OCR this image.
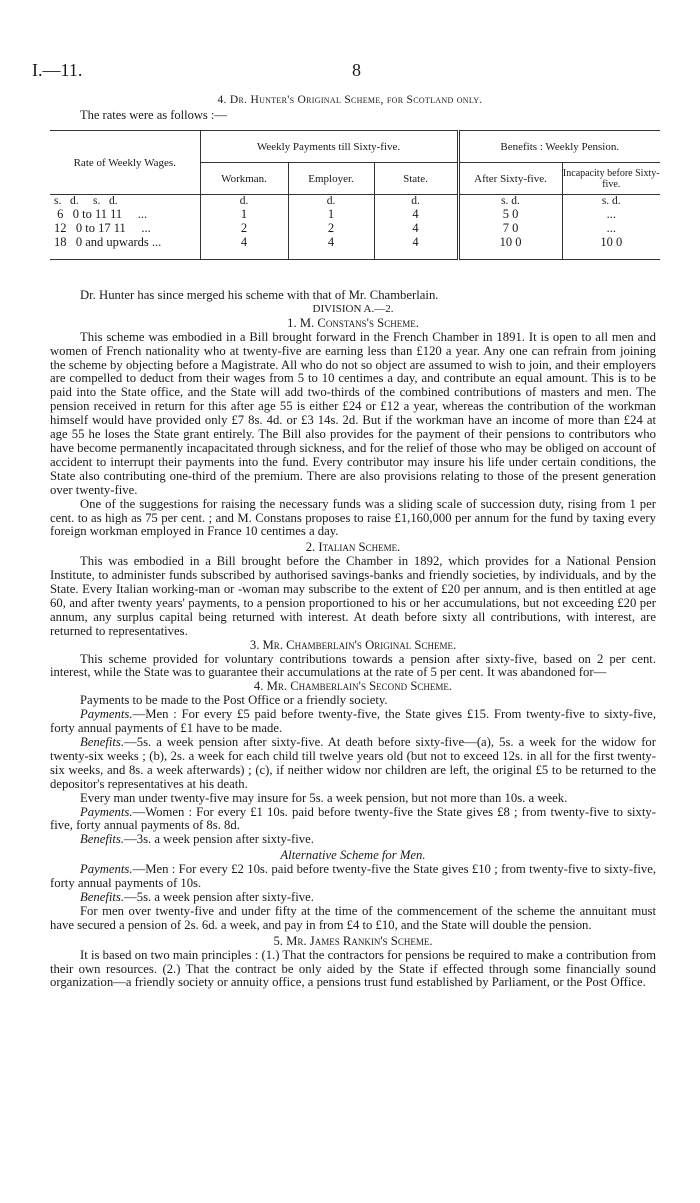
I.—11.	8
4. Dr. Hunter's Original Scheme, for Scotland only.
The rates were as follows :—
Rate of Weekly Wages.	Weekly Payments till Sixty-five.			Benefits : Weekly Pension.	
	Workman.	Employer.	State.	After Sixty-five.	Incapacity before Sixty-five.
s.   d.     s.   d.	d.	d.	d.	s. d.	s. d.
6   0 to 11 11     ...	1	1	4	5 0	...
12   0 to 17 11     ...	2	2	4	7 0	...
18   0 and upwards ...	4	4	4	10 0	10 0

Dr. Hunter has since merged his scheme with that of Mr. Chamberlain.

DIVISION A.—2.

1. M. Constans's Scheme.

This scheme was embodied in a Bill brought forward in the French Chamber in 1891. It is open to all men and women of French nationality who at twenty-five are earning less than £120 a year. Any one can refrain from joining the scheme by objecting before a Magistrate. All who do not so object are assumed to wish to join, and their employers are compelled to deduct from their wages from 5 to 10 centimes a day, and contribute an equal amount. This is to be paid into the State office, and the State will add two-thirds of the combined contributions of masters and men. The pension received in return for this after age 55 is either £24 or £12 a year, whereas the contribution of the workman himself would have provided only £7 8s. 4d. or £3 14s. 2d. But if the workman have an income of more than £24 at age 55 he loses the State grant entirely. The Bill also provides for the payment of their pensions to contributors who have become permanently incapacitated through sickness, and for the relief of those who may be obliged on account of accident to interrupt their payments into the fund. Every contributor may insure his life under certain conditions, the State also contributing one-third of the premium. There are also provisions relating to those of the present generation over twenty-five.

One of the suggestions for raising the necessary funds was a sliding scale of succession duty, rising from 1 per cent. to as high as 75 per cent. ; and M. Constans proposes to raise £1,160,000 per annum for the fund by taxing every foreign workman employed in France 10 centimes a day.

2. Italian Scheme.

This was embodied in a Bill brought before the Chamber in 1892, which provides for a National Pension Institute, to administer funds subscribed by authorised savings-banks and friendly societies, by individuals, and by the State. Every Italian working-man or -woman may subscribe to the extent of £20 per annum, and is then entitled at age 60, and after twenty years' payments, to a pension proportioned to his or her accumulations, but not exceeding £20 per annum, any surplus capital being returned with interest. At death before sixty all contributions, with interest, are returned to representatives.

3. Mr. Chamberlain's Original Scheme.

This scheme provided for voluntary contributions towards a pension after sixty-five, based on 2 per cent. interest, while the State was to guarantee their accumulations at the rate of 5 per cent. It was abandoned for—

4. Mr. Chamberlain's Second Scheme.

Payments to be made to the Post Office or a friendly society.

Payments.—Men : For every £5 paid before twenty-five, the State gives £15. From twenty-five to sixty-five, forty annual payments of £1 have to be made.

Benefits.—5s. a week pension after sixty-five. At death before sixty-five—(a), 5s. a week for the widow for twenty-six weeks ; (b), 2s. a week for each child till twelve years old (but not to exceed 12s. in all for the first twenty-six weeks, and 8s. a week afterwards) ; (c), if neither widow nor children are left, the original £5 to be returned to the depositor's representatives at his death.

Every man under twenty-five may insure for 5s. a week pension, but not more than 10s. a week.

Payments.—Women : For every £1 10s. paid before twenty-five the State gives £8 ; from twenty-five to sixty-five, forty annual payments of 8s. 8d.

Benefits.—3s. a week pension after sixty-five.

Alternative Scheme for Men.

Payments.—Men : For every £2 10s. paid before twenty-five the State gives £10 ; from twenty-five to sixty-five, forty annual payments of 10s.

Benefits.—5s. a week pension after sixty-five.

For men over twenty-five and under fifty at the time of the commencement of the scheme the annuitant must have secured a pension of 2s. 6d. a week, and pay in from £4 to £10, and the State will double the pension.

5. Mr. James Rankin's Scheme.

It is based on two main principles : (1.) That the contractors for pensions be required to make a contribution from their own resources. (2.) That the contract be only aided by the State if effected through some financially sound organization—a friendly society or annuity office, a pensions trust fund established by Parliament, or the Post Office.
